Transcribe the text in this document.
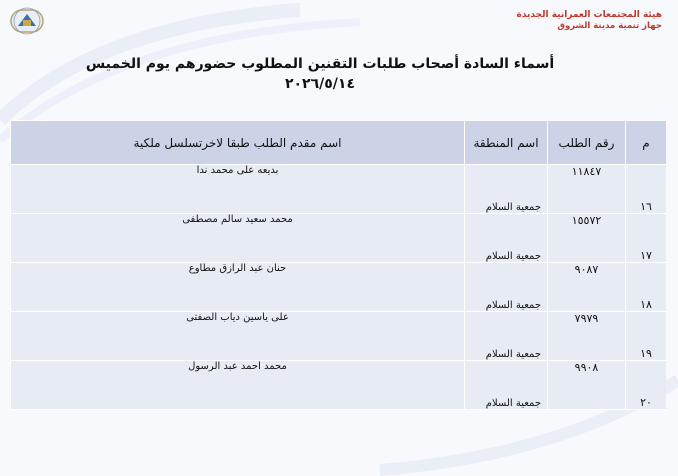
هيئة المجتمعات العمرانية الجديدة
جهاز تنمية مدينة الشروق
أسماء السادة أصحاب طلبات التقنين المطلوب حضورهم يوم الخميس
٢٠٢٦/٥/١٤
م	رقم الطلب	اسم المنطقة	اسم مقدم الطلب طبقا لاخرتسلسل ملكية
١٦	١١٨٤٧	جمعية السلام	بديعه على محمد ندا
١٧	١٥٥٧٢	جمعية السلام	محمد سعيد سالم مصطفى
١٨	٩٠٨٧	جمعية السلام	حنان عبد الرازق مطاوع
١٩	٧٩٧٩	جمعية السلام	على ياسين دياب الصفتى
٢٠	٩٩٠٨	جمعية السلام	محمد احمد عبد الرسول
